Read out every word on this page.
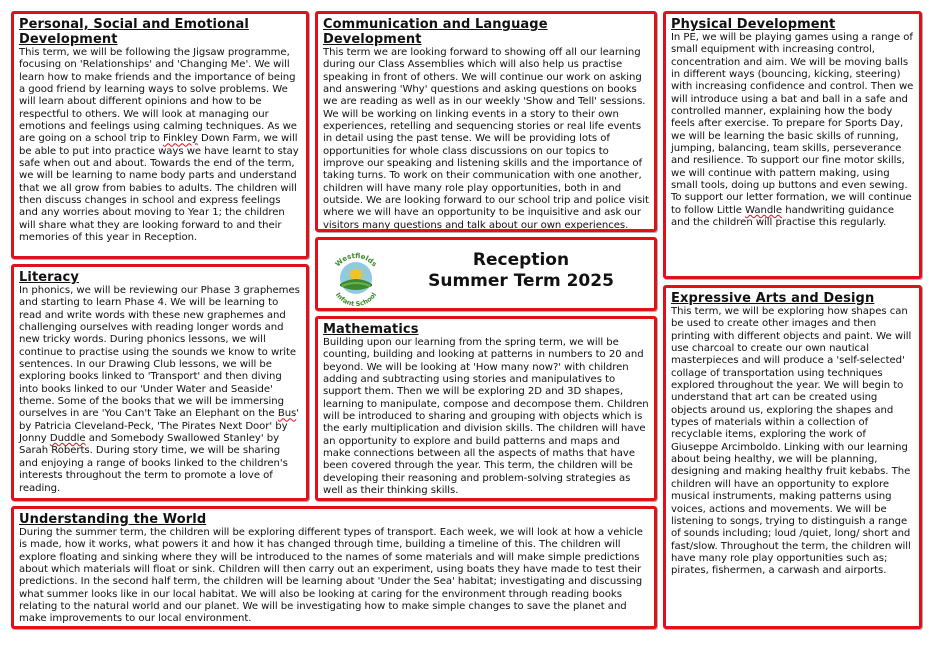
Personal, Social and Emotional Development

This term, we will be following the Jigsaw programme, focusing on 'Relationships' and 'Changing Me'. We will learn how to make friends and the importance of being a good friend by learning ways to solve problems. We will learn about different opinions and how to be respectful to others. We will look at managing our emotions and feelings using calming techniques. As we are going on a school trip to Finkley Down Farm, we will be able to put into practice ways we have learnt to stay safe when out and about. Towards the end of the term, we will be learning to name body parts and understand that we all grow from babies to adults. The children will then discuss changes in school and express feelings and any worries about moving to Year 1; the children will share what they are looking forward to and their memories of this year in Reception.

Literacy

In phonics, we will be reviewing our Phase 3 graphemes and starting to learn Phase 4. We will be learning to read and write words with these new graphemes and challenging ourselves with reading longer words and new tricky words. During phonics lessons, we will continue to practise using the sounds we know to write sentences. In our Drawing Club lessons, we will be exploring books linked to 'Transport' and then diving into books linked to our 'Under Water and Seaside' theme. Some of the books that we will be immersing ourselves in are 'You Can't Take an Elephant on the Bus' by Patricia Cleveland-Peck, 'The Pirates Next Door' by Jonny Duddle and Somebody Swallowed Stanley' by Sarah Roberts. During story time, we will be sharing and enjoying a range of books linked to the children's interests throughout the term to promote a love of reading.

Communication and Language Development

This term we are looking forward to showing off all our learning during our Class Assemblies which will also help us practise speaking in front of others. We will continue our work on asking and answering 'Why' questions and asking questions on books we are reading as well as in our weekly 'Show and Tell' sessions. We will be working on linking events in a story to their own experiences, retelling and sequencing stories or real life events in detail using the past tense. We will be providing lots of opportunities for whole class discussions on our topics to improve our speaking and listening skills and the importance of taking turns. To work on their communication with one another, children will have many role play opportunities, both in and outside. We are looking forward to our school trip and police visit where we will have an opportunity to be inquisitive and ask our visitors many questions and talk about our own experiences.

Westfields
Infant School
Reception
Summer Term 2025
Mathematics

Building upon our learning from the spring term, we will be counting, building and looking at patterns in numbers to 20 and beyond. We will be looking at 'How many now?' with children adding and subtracting using stories and manipulatives to support them. Then we will be exploring 2D and 3D shapes, learning to manipulate, compose and decompose them. Children will be introduced to sharing and grouping with objects which is the early multiplication and division skills. The children will have an opportunity to explore and build patterns and maps and make connections between all the aspects of maths that have been covered through the year. This term, the children will be developing their reasoning and problem-solving strategies as well as their thinking skills.

Understanding the World

During the summer term, the children will be exploring different types of transport. Each week, we will look at how a vehicle is made, how it works, what powers it and how it has changed through time, building a timeline of this. The children will explore floating and sinking where they will be introduced to the names of some materials and will make simple predictions about which materials will float or sink. Children will then carry out an experiment, using boats they have made to test their predictions. In the second half term, the children will be learning about 'Under the Sea' habitat; investigating and discussing what summer looks like in our local habitat. We will also be looking at caring for the environment through reading books relating to the natural world and our planet. We will be investigating how to make simple changes to save the planet and make improvements to our local environment.

Physical Development

In PE, we will be playing games using a range of small equipment with increasing control, concentration and aim. We will be moving balls in different ways (bouncing, kicking, steering) with increasing confidence and control. Then we will introduce using a bat and ball in a safe and controlled manner, explaining how the body feels after exercise. To prepare for Sports Day, we will be learning the basic skills of running, jumping, balancing, team skills, perseverance and resilience. To support our fine motor skills, we will continue with pattern making, using small tools, doing up buttons and even sewing. To support our letter formation, we will continue to follow Little Wandle handwriting guidance and the children will practise this regularly.

Expressive Arts and Design

This term, we will be exploring how shapes can be used to create other images and then printing with different objects and paint. We will use charcoal to create our own nautical masterpieces and will produce a 'self-selected' collage of transportation using techniques explored throughout the year. We will begin to understand that art can be created using objects around us, exploring the shapes and types of materials within a collection of recyclable items, exploring the work of Giuseppe Arcimboldo. Linking with our learning about being healthy, we will be planning, designing and making healthy fruit kebabs. The children will have an opportunity to explore musical instruments, making patterns using voices, actions and movements. We will be listening to songs, trying to distinguish a range of sounds including; loud /quiet, long/ short and fast/slow. Throughout the term, the children will have many role play opportunities such as; pirates, fishermen, a carwash and airports.
